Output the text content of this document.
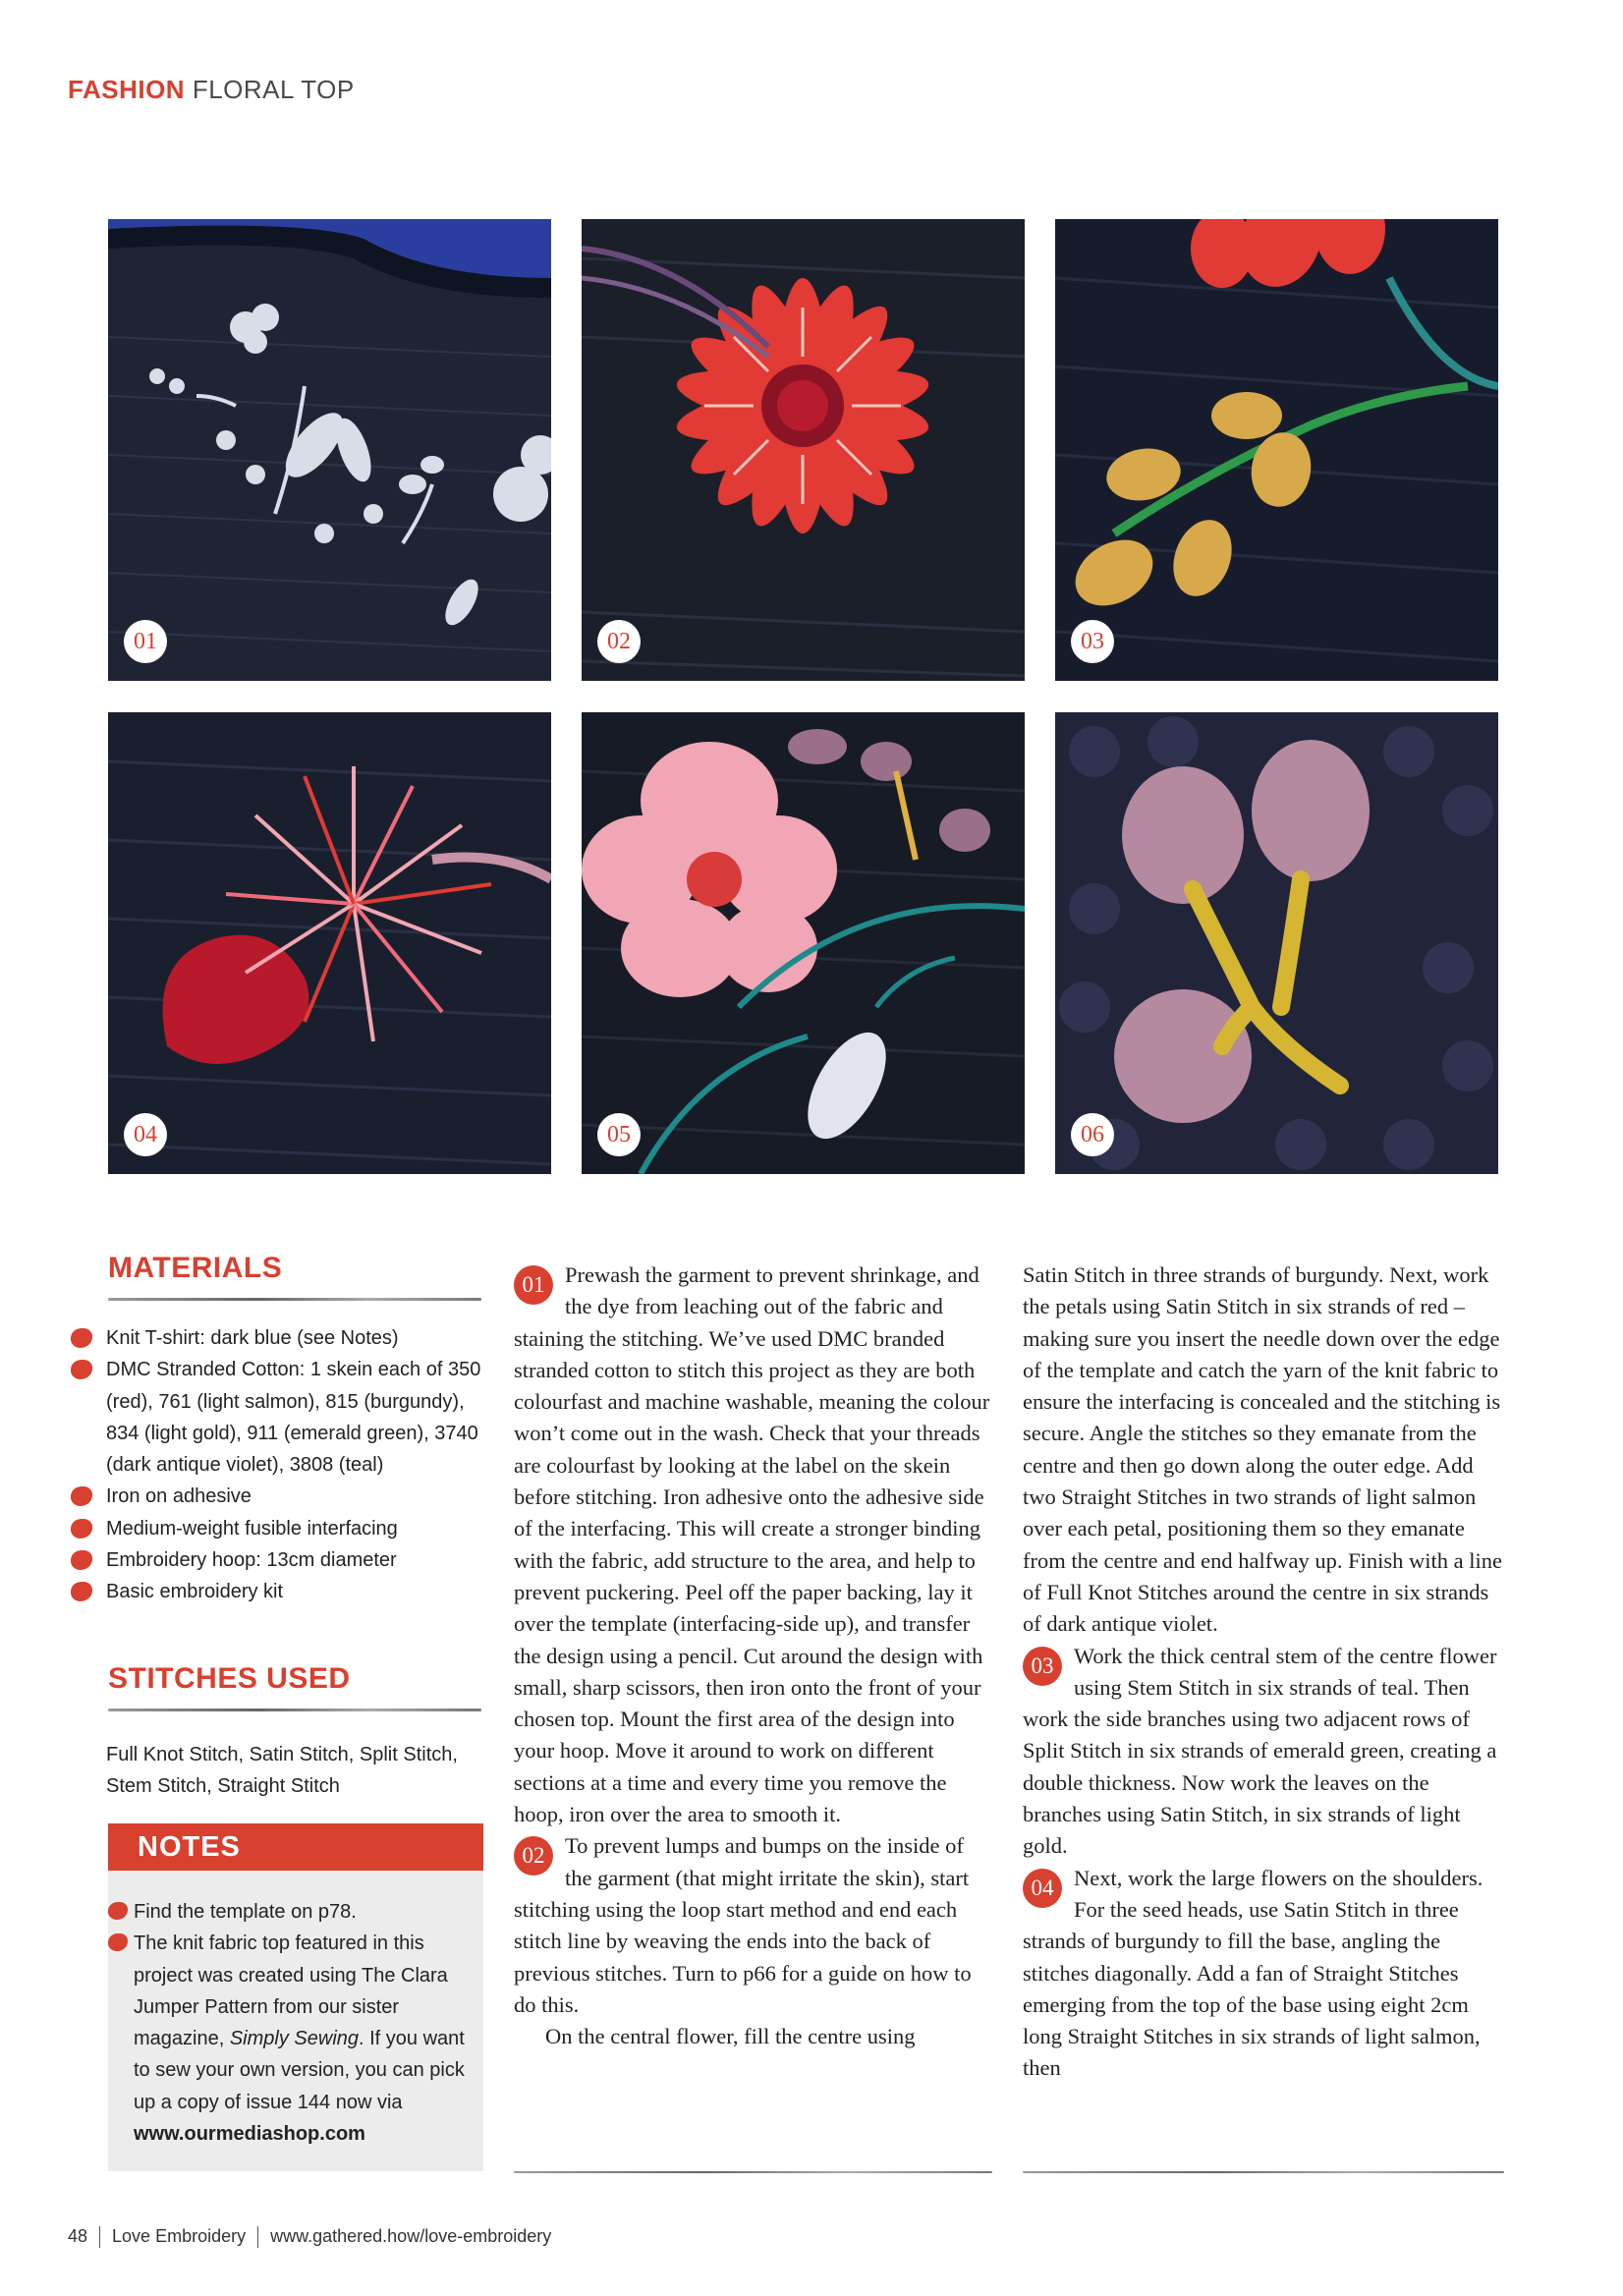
FASHION FLORAL TOP
01	02	03
04	05	06
MATERIALS
Knit T-shirt: dark blue (see Notes)
DMC Stranded Cotton: 1 skein each of 350 (red), 761 (light salmon), 815 (burgundy), 834 (light gold), 911 (emerald green), 3740 (dark antique violet), 3808 (teal)
Iron on adhesive
Medium-weight fusible interfacing
Embroidery hoop: 13cm diameter
Basic embroidery kit
STITCHES USED
Full Knot Stitch, Satin Stitch, Split Stitch, Stem Stitch, Straight Stitch
NOTES
Find the template on p78.
The knit fabric top featured in this project was created using The Clara Jumper Pattern from our sister magazine, Simply Sewing. If you want to sew your own version, you can pick up a copy of issue 144 now via www.ourmediashop.com

01 Prewash the garment to prevent shrinkage, and the dye from leaching out of the fabric and staining the stitching. We’ve used DMC branded stranded cotton to stitch this project as they are both colourfast and machine washable, meaning the colour won’t come out in the wash. Check that your threads are colourfast by looking at the label on the skein before stitching. Iron adhesive onto the adhesive side of the interfacing. This will create a stronger binding with the fabric, add structure to the area, and help to prevent puckering. Peel off the paper backing, lay it over the template (interfacing-side up), and transfer the design using a pencil. Cut around the design with small, sharp scissors, then iron onto the front of your chosen top. Mount the first area of the design into your hoop. Move it around to work on different sections at a time and every time you remove the hoop, iron over the area to smooth it.

02 To prevent lumps and bumps on the inside of the garment (that might irritate the skin), start stitching using the loop start method and end each stitch line by weaving the ends into the back of previous stitches. Turn to p66 for a guide on how to do this.

On the central flower, fill the centre using

Satin Stitch in three strands of burgundy. Next, work the petals using Satin Stitch in six strands of red – making sure you insert the needle down over the edge of the template and catch the yarn of the knit fabric to ensure the interfacing is concealed and the stitching is secure. Angle the stitches so they emanate from the centre and then go down along the outer edge. Add two Straight Stitches in two strands of light salmon over each petal, positioning them so they emanate from the centre and end halfway up. Finish with a line of Full Knot Stitches around the centre in six strands of dark antique violet.

03 Work the thick central stem of the centre flower using Stem Stitch in six strands of teal. Then work the side branches using two adjacent rows of Split Stitch in six strands of emerald green, creating a double thickness. Now work the leaves on the branches using Satin Stitch, in six strands of light gold.

04 Next, work the large flowers on the shoulders. For the seed heads, use Satin Stitch in three strands of burgundy to fill the base, angling the stitches diagonally. Add a fan of Straight Stitches emerging from the top of the base using eight 2cm long Straight Stitches in six strands of light salmon, then

48 Love Embroidery www.gathered.how/love-embroidery
